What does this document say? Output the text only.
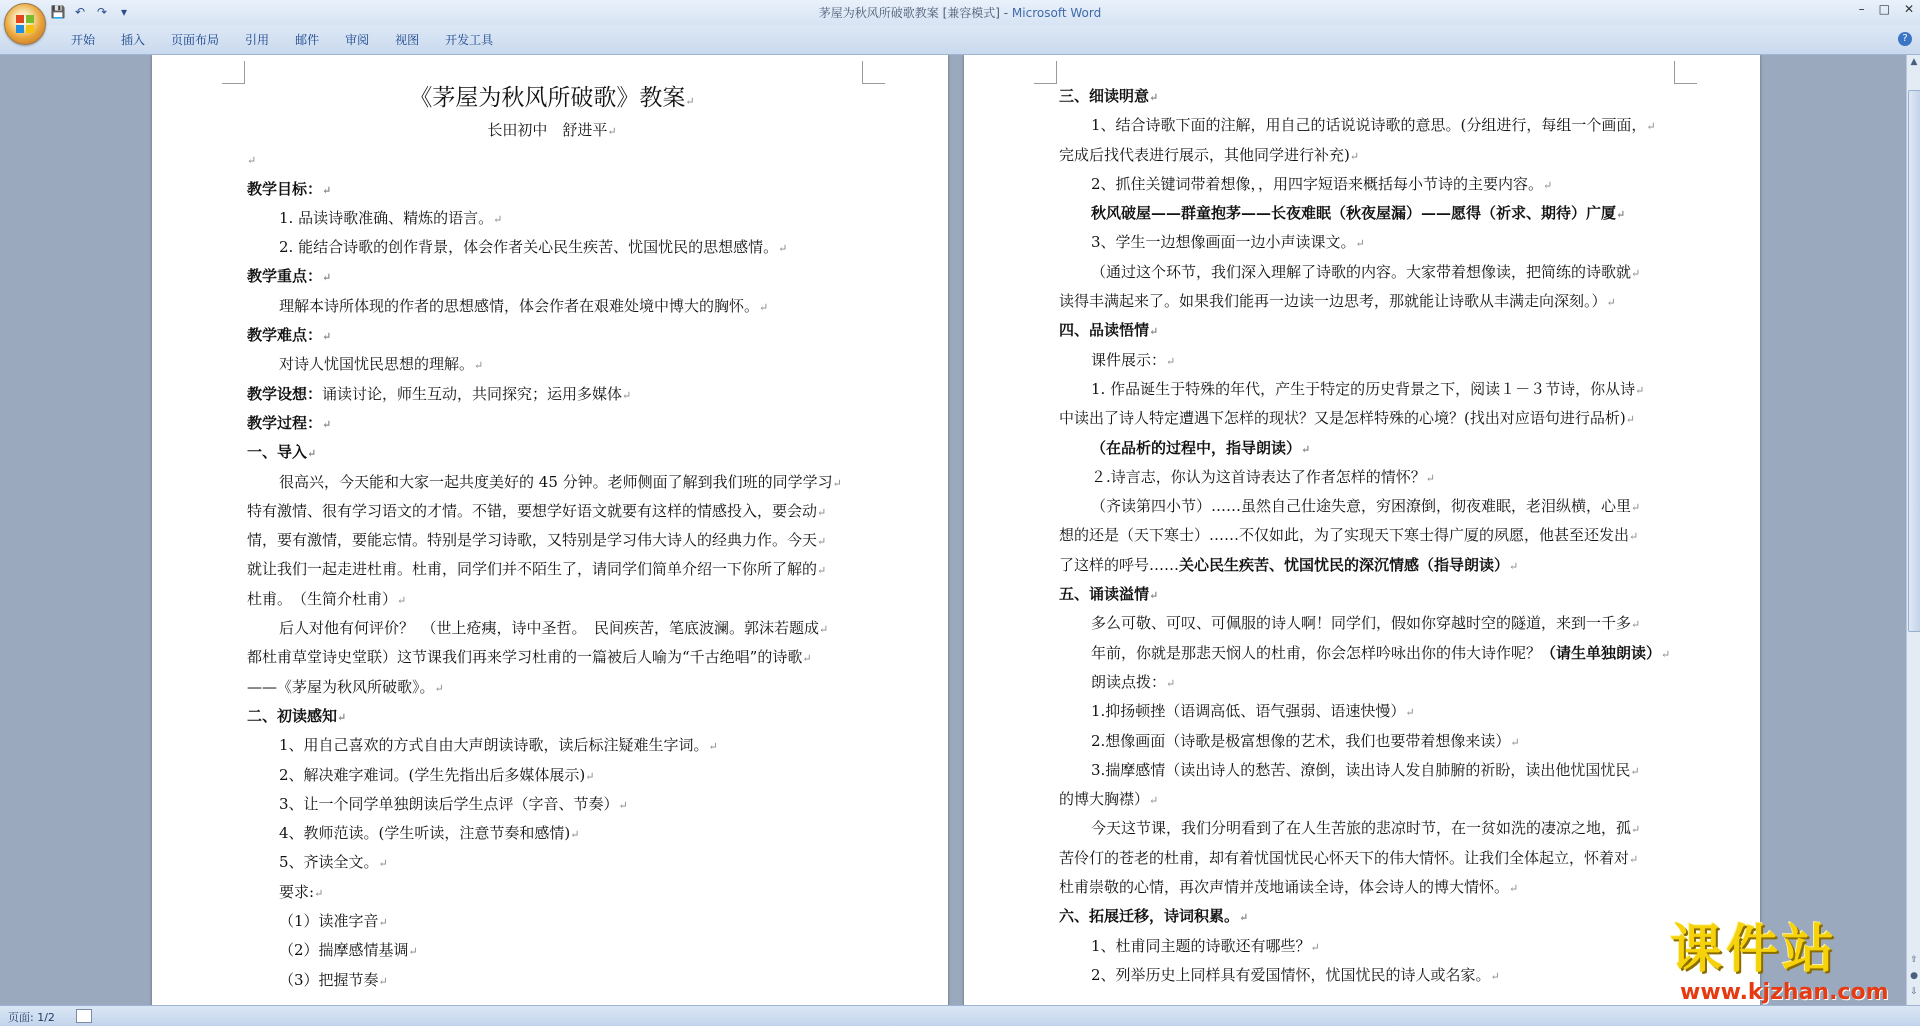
💾 ↶ ↷	▾	茅屋为秋风所破歌教案 [兼容模式] - Microsoft Word	– □ ✕
开始	插入	页面布局	引用	邮件	审阅	视图	开发工具	?
《茅屋为秋风所破歌》教案↵
长田初中　舒进平↵
↵
教学目标：↵
1. 品读诗歌准确、精炼的语言。↵
2. 能结合诗歌的创作背景，体会作者关心民生疾苦、忧国忧民的思想感情。↵
教学重点：↵
理解本诗所体现的作者的思想感情，体会作者在艰难处境中博大的胸怀。↵
教学难点：↵
对诗人忧国忧民思想的理解。↵
教学设想：诵读讨论，师生互动，共同探究；运用多媒体↵
教学过程：↵
一、导入↵
很高兴，今天能和大家一起共度美好的 45 分钟。老师侧面了解到我们班的同学学习↵
特有激情、很有学习语文的才情。不错，要想学好语文就要有这样的情感投入，要会动↵
情，要有激情，要能忘情。特别是学习诗歌，又特别是学习伟大诗人的经典力作。今天↵
就让我们一起走进杜甫。杜甫，同学们并不陌生了，请同学们简单介绍一下你所了解的↵
杜甫。　（生简介杜甫）↵
后人对他有何评价？　（世上疮痍，诗中圣哲。　民间疾苦，笔底波澜。郭沫若题成↵
都杜甫草堂诗史堂联）这节课我们再来学习杜甫的一篇被后人喻为“千古绝唱”的诗歌↵
——《茅屋为秋风所破歌》。↵
二、初读感知↵
1、用自己喜欢的方式自由大声朗读诗歌，读后标注疑难生字词。↵
2、解决难字难词。(学生先指出后多媒体展示)↵
3、让一个同学单独朗读后学生点评（字音、节奏）↵
4、教师范读。(学生听读，注意节奏和感情)↵
5、齐读全文。↵
要求:↵
（1）读准字音↵
（2）揣摩感情基调↵
（3）把握节奏↵
三、细读明意↵
1、结合诗歌下面的注解，用自己的话说说诗歌的意思。(分组进行，每组一个画面，↵
完成后找代表进行展示，其他同学进行补充)↵
2、抓住关键词带着想像，，用四字短语来概括每小节诗的主要内容。↵
秋风破屋——群童抱茅——长夜难眠（秋夜屋漏）——愿得（祈求、期待）广厦↵
3、学生一边想像画面一边小声读课文。↵
（通过这个环节，我们深入理解了诗歌的内容。大家带着想像读，把简练的诗歌就↵
读得丰满起来了。如果我们能再一边读一边思考，那就能让诗歌从丰满走向深刻。）↵
四、品读悟情↵
课件展示：↵
1. 作品诞生于特殊的年代，产生于特定的历史背景之下，阅读１－３节诗，你从诗↵
中读出了诗人特定遭遇下怎样的现状？又是怎样特殊的心境？(找出对应语句进行品析)↵
（在品析的过程中，指导朗读）↵
２.诗言志，你认为这首诗表达了作者怎样的情怀？↵
（齐读第四小节）……虽然自己仕途失意，穷困潦倒，彻夜难眠，老泪纵横，心里↵
想的还是（天下寒士）……不仅如此，为了实现天下寒士得广厦的夙愿，他甚至还发出↵
了这样的呼号……关心民生疾苦、忧国忧民的深沉情感（指导朗读）↵
五、诵读溢情↵
多么可敬、可叹、可佩服的诗人啊！同学们，假如你穿越时空的隧道，来到一千多↵
年前，你就是那悲天悯人的杜甫，你会怎样吟咏出你的伟大诗作呢？（请生单独朗读）↵
朗读点拨：↵
1.抑扬顿挫（语调高低、语气强弱、语速快慢）↵
2.想像画面（诗歌是极富想像的艺术，我们也要带着想像来读）↵
3.揣摩感情（读出诗人的愁苦、潦倒，读出诗人发自肺腑的祈盼，读出他忧国忧民↵
的博大胸襟）↵
今天这节课，我们分明看到了在人生苦旅的悲凉时节，在一贫如洗的凄凉之地，孤↵
苦伶仃的苍老的杜甫，却有着忧国忧民心怀天下的伟大情怀。让我们全体起立，怀着对↵
杜甫崇敬的心情，再次声情并茂地诵读全诗，体会诗人的博大情怀。↵
六、拓展迁移，诗词积累。↵
1、杜甫同主题的诗歌还有哪些？↵
2、列举历史上同样具有爱国情怀，忧国忧民的诗人或名家。↵
▲
⇧
●
⇩
页面: 1/2
课件站
www.kjzhan.com
